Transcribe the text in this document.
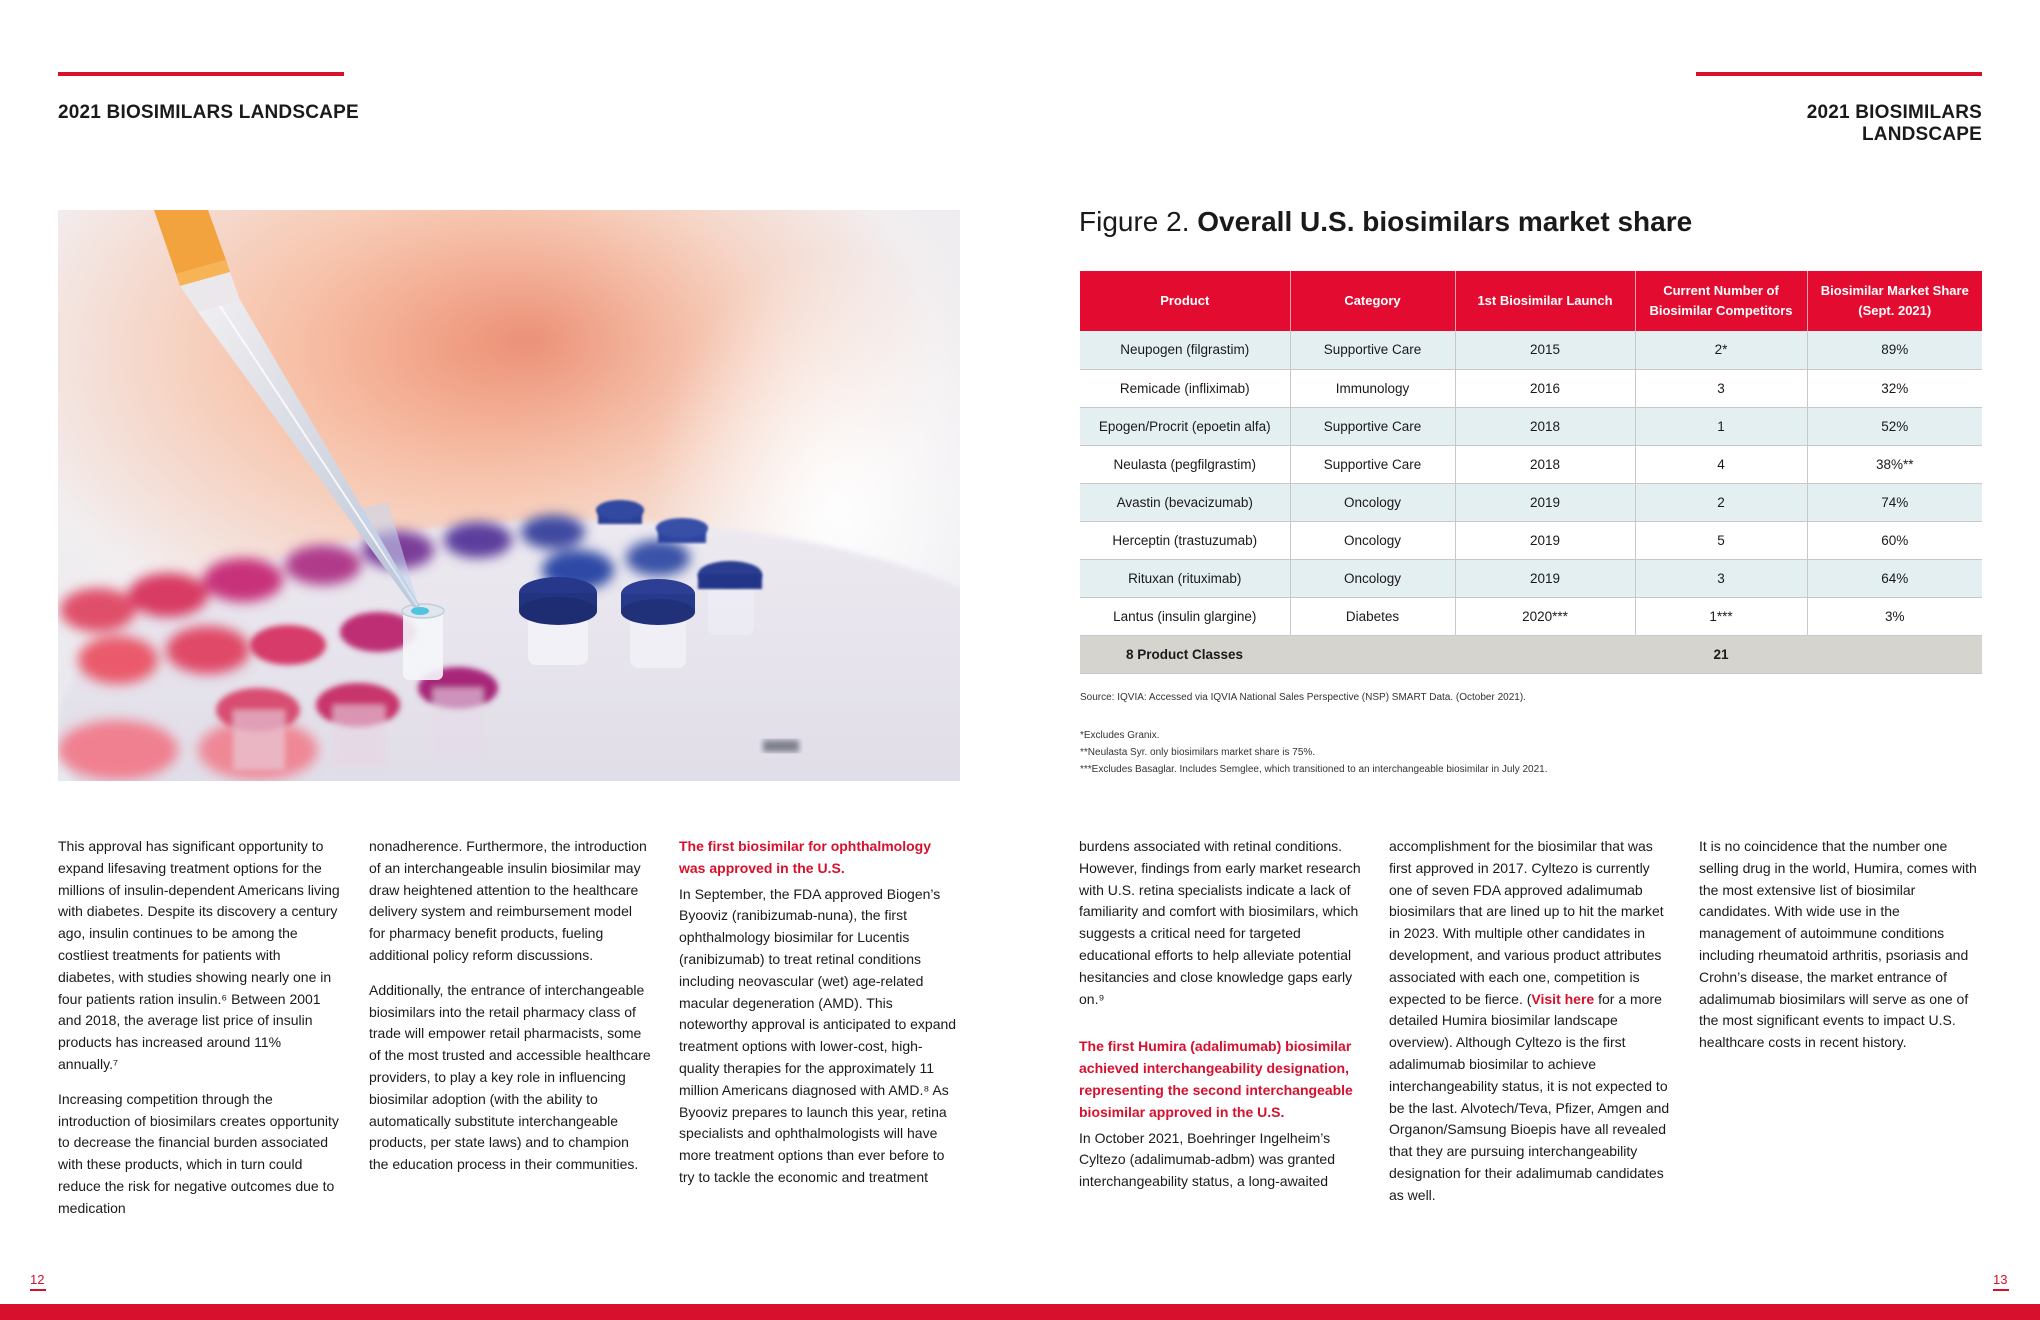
2021 BIOSIMILARS LANDSCAPE	2021 BIOSIMILARS LANDSCAPE
Figure 2. Overall U.S. biosimilars market share
Product	Category	1st Biosimilar Launch	Current Number of Biosimilar Competitors	Biosimilar Market Share (Sept. 2021)
Neupogen (filgrastim)	Supportive Care	2015	2*	89%
Remicade (infliximab)	Immunology	2016	3	32%
Epogen/Procrit (epoetin alfa)	Supportive Care	2018	1	52%
Neulasta (pegfilgrastim)	Supportive Care	2018	4	38%**
Avastin (bevacizumab)	Oncology	2019	2	74%
Herceptin (trastuzumab)	Oncology	2019	5	60%
Rituxan (rituximab)	Oncology	2019	3	64%
Lantus (insulin glargine)	Diabetes	2020***	1***	3%
8 Product Classes			21	
Source: IQVIA: Accessed via IQVIA National Sales Perspective (NSP) SMART Data. (October 2021).
*Excludes Granix.
**Neulasta Syr. only biosimilars market share is 75%.
***Excludes Basaglar. Includes Semglee, which transitioned to an interchangeable biosimilar in July 2021.

This approval has significant opportunity to expand lifesaving treatment options for the millions of insulin-dependent Americans living with diabetes. Despite its discovery a century ago, insulin continues to be among the costliest treatments for patients with diabetes, with studies showing nearly one in four patients ration insulin.⁶ Between 2001 and 2018, the average list price of insulin products has increased around 11% annually.⁷

Increasing competition through the introduction of biosimilars creates opportunity to decrease the financial burden associated with these products, which in turn could reduce the risk for negative outcomes due to medication

nonadherence. Furthermore, the introduction of an interchangeable insulin biosimilar may draw heightened attention to the healthcare delivery system and reimbursement model for pharmacy benefit products, fueling additional policy reform discussions.

Additionally, the entrance of interchangeable biosimilars into the retail pharmacy class of trade will empower retail pharmacists, some of the most trusted and accessible healthcare providers, to play a key role in influencing biosimilar adoption (with the ability to automatically substitute interchangeable products, per state laws) and to champion the education process in their communities.

The first biosimilar for ophthalmology was approved in the U.S.

In September, the FDA approved Biogen’s Byooviz (ranibizumab-nuna), the first ophthalmology biosimilar for Lucentis (ranibizumab) to treat retinal conditions including neovascular (wet) age-related macular degeneration (AMD). This noteworthy approval is anticipated to expand treatment options with lower-cost, high-quality therapies for the approximately 11 million Americans diagnosed with AMD.⁸ As Byooviz prepares to launch this year, retina specialists and ophthalmologists will have more treatment options than ever before to try to tackle the economic and treatment

burdens associated with retinal conditions. However, findings from early market research with U.S. retina specialists indicate a lack of familiarity and comfort with biosimilars, which suggests a critical need for targeted educational efforts to help alleviate potential hesitancies and close knowledge gaps early on.⁹

The first Humira (adalimumab) biosimilar achieved interchangeability designation, representing the second interchangeable biosimilar approved in the U.S.

In October 2021, Boehringer Ingelheim’s Cyltezo (adalimumab-adbm) was granted interchangeability status, a long-awaited

accomplishment for the biosimilar that was first approved in 2017. Cyltezo is currently one of seven FDA approved adalimumab biosimilars that are lined up to hit the market in 2023. With multiple other candidates in development, and various product attributes associated with each one, competition is expected to be fierce. (Visit here for a more detailed Humira biosimilar landscape overview). Although Cyltezo is the first adalimumab biosimilar to achieve interchangeability status, it is not expected to be the last. Alvotech/Teva, Pfizer, Amgen and Organon/Samsung Bioepis have all revealed that they are pursuing interchangeability designation for their adalimumab candidates as well.

It is no coincidence that the number one selling drug in the world, Humira, comes with the most extensive list of biosimilar candidates. With wide use in the management of autoimmune conditions including rheumatoid arthritis, psoriasis and Crohn’s disease, the market entrance of adalimumab biosimilars will serve as one of the most significant events to impact U.S. healthcare costs in recent history.

12	13
